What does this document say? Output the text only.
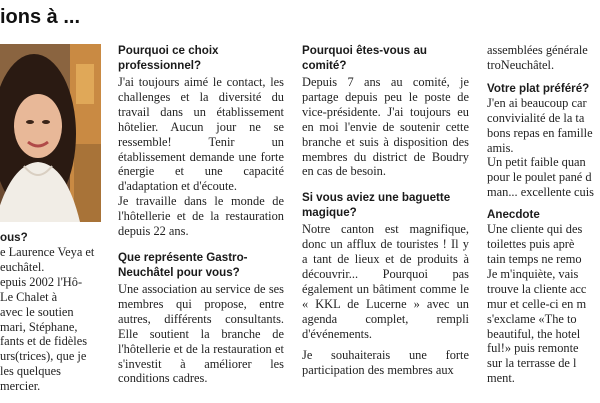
ions à ...
ous?
e Laurence Veya et
euchâtel.
epuis 2002 l'Hô-
Le Chalet à
avec le soutien
mari, Stéphane,
fants et de fidèles
urs(trices), que je
les quelques
mercier.
Pourquoi ce choix professionnel?
J'ai toujours aimé le contact, les challenges et la diversité du travail dans un établissement hôtelier. Aucun jour ne se ressemble! Tenir un établissement demande une forte énergie et une capacité d'adaptation et d'écoute.
Je travaille dans le monde de l'hôtellerie et de la restauration depuis 22 ans.
Que représente Gastro-Neuchâtel pour vous?
Une association au service de ses membres qui propose, entre autres, différents consultants. Elle soutient la branche de l'hôtellerie et de la restauration et s'investit à améliorer les conditions cadres.
Pourquoi êtes-vous au comité?
Depuis 7 ans au comité, je partage depuis peu le poste de vice-présidente. J'ai toujours eu en moi l'envie de soutenir cette branche et suis à disposition des membres du district de Boudry en cas de besoin.
Si vous aviez une baguette magique?
Notre canton est magnifique, donc un afflux de touristes ! Il y a tant de lieux et de produits à découvrir... Pourquoi pas également un bâtiment comme le « KKL de Lucerne » avec un agenda complet, rempli d'événements.
Je souhaiterais une forte participation des membres aux
assemblées générale
troNeuchâtel.
Votre plat préféré?
J'en ai beaucoup car
convivialité de la ta
bons repas en famille
amis.
Un petit faible quan
pour le poulet pané d
man... excellente cuis
Anecdote
Une cliente qui des
toilettes puis aprè
tain temps ne remo
Je m'inquiète, vais
trouve la cliente acc
mur et celle-ci en m
s'exclame «The to
beautiful, the hotel
ful!» puis remonte
sur la terrasse de l
ment.
